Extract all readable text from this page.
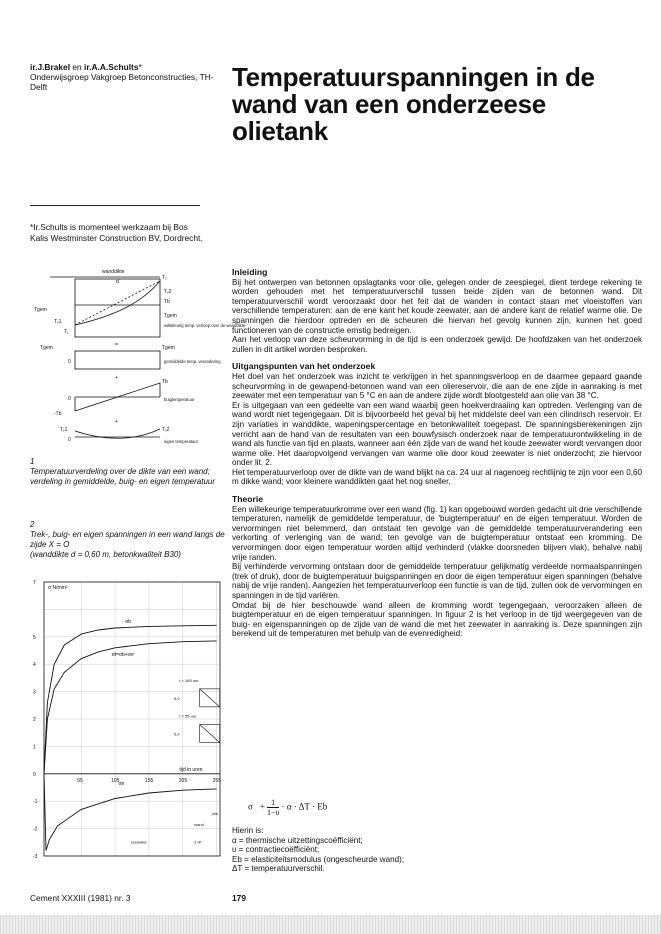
ir.J.Brakel en ir.A.A.Schults*
Onderwijsgroep Vakgroep Betonconstructies, TH-Delft	Temperatuurspanningen in de wand van een onderzeese olietank
*Ir.Schults is momenteel werkzaam bij Bos Kalis Westminster Construction BV, Dordrecht.
wanddikte
d
T₂
Tᵥ2
Tb
Tgem
Tgem
Tᵥ1
T₁
=
Tgem	Tgem
0
+
Tb
0
-Tb
+
Tᵥ1	Tᵥ2
0
willekeurig temp. verloop over de wanddikte
gemiddelde temp. verandering
buigtemperatuur
eigen temperatuur
1
Temperatuurverdeling over de dikte van een wand; verdeling in gemiddelde, buig- en eigen temperatuur
2
Trek-, buig- en eigen spanningen in een wand langs de zijde X = O
(wanddikte d = 0,60 m, betonkwaliteit B30)
55	105	155	205	255
7
5
4
3
2
1
0
-1
-2
-3
σb
σt=σb+σe
σe
σ N/mm²
tijd in uren
t = 165 uur
t = 55 uur
zeewater
olie
wand
1-Ψ
5,0
5,9
Inleiding

Bij het ontwerpen van betonnen opslagtanks voor olie, gelegen onder de zeespiegel, dient terdege rekening te worden gehouden met het temperatuurverschil tussen beide zijden van de betonnen wand. Dit temperatuurverschil wordt veroorzaakt door het feit dat de wanden in contact staan met vloeistoffen van verschillende temperaturen: aan de ene kant het koude zeewater, aan de andere kant de relatief warme olie. De spanningen die hierdoor optreden en de scheuren die hiervan het gevolg kunnen zijn, kunnen het goed functioneren van de constructie ernstig bedreigen.

Aan het verloop van deze scheurvorming in de tijd is een onderzoek gewijd. De hoofdzaken van het onderzoek zullen in dit artikel worden besproken.

Uitgangspunten van het onderzoek

Het doel van het onderzoek was inzicht te verkrijgen in het spanningsverloop en de daarmee gepaard gaande scheurvorming in de gewapend-betonnen wand van een oliereservoir, die aan de ene zijde in aanraking is met zeewater met een temperatuur van 5 °C en aan de andere zijde wordt blootgesteld aan olie van 38 °C.

Er is uitgegaan van een gedeelte van een wand waarbij geen hoekverdraaiing kan optreden. Verlenging van de wand wordt niet tegengegaan. Dit is bijvoorbeeld het geval bij het middelste deel van een cilindrisch reservoir. Er zijn variaties in wanddikte, wapeningspercentage en betonkwaliteit toegepast. De spanningsberekeningen zijn verricht aan de hand van de resultaten van een bouwfysisch onderzoek naar de temperatuurontwikkeling in de wand als functie van tijd en plaats, wanneer aan één zijde van de wand het koude zeewater wordt vervangen door warme olie. Het daaropvolgend vervangen van warme olie door koud zeewater is niet onderzocht; zie hiervoor onder lit. 2.

Het temperatuurverloop over de dikte van de wand blijkt na ca. 24 uur al nagenoeg rechtlijnig te zijn voor een 0,60 m dikke wand; voor kleinere wanddikten gaat het nog sneller.

Theorie

Een willekeurige temperatuurkromme over een wand (fig. 1) kan opgebouwd worden gedacht uit drie verschillende temperaturen, namelijk de gemiddelde temperatuur, de 'buigtemperatuur' en de eigen temperatuur. Worden de vervormingen niet belemmerd, dan ontstaat ten gevolge van de gemiddelde temperatuurverandering een verkorting of verlenging van de wand; ten gevolge van de buigtemperatuur ontstaat een kromming. De vervormingen door eigen temperatuur worden altijd verhinderd (vlakke doorsneden blijven vlak), behalve nabij vrije randen.

Bij verhinderde vervorming ontstaan door de gemiddelde temperatuur gelijkmatig verdeelde normaalspanningen (trek of druk), door de buigtemperatuur buigspanningen en door de eigen temperatuur eigen spanningen (behalve nabij de vrije randen). Aangezien het temperatuurverloop een functie is van de tijd, zullen ook de vervormingen en spanningen in de tijd variëren.

Omdat bij de hier beschouwde wand alleen de kromming wordt tegengegaan, veroorzaken alleen de buigtemperatuur en de eigen temperatuur spanningen. In figuur 2 is het verloop in de tijd weergegeven van de buig- en eigenspanningen op de zijde van de wand die met het zeewater in aanraking is. Deze spanningen zijn berekend uit de temperaturen met behulp van de evenredigheid:

$\sigma + \frac{1}{1-\upsilon} \cdot \alpha \cdot \Delta T \cdot Eb$
Hierin is:
α = thermische uitzettingscoëfficiënt;
υ = contractiecoëfficiënt;
Eb = elasticiteitsmodulus (ongescheurde wand);
ΔT = temperatuurverschil.
Cement XXXIII (1981) nr. 3	179
